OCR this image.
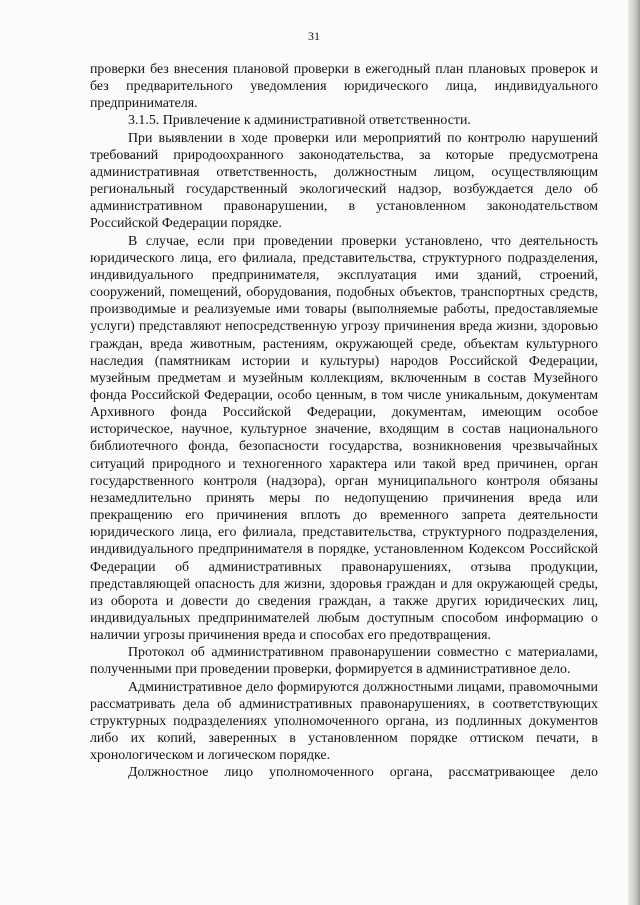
31

проверки без внесения плановой проверки в ежегодный план плановых проверок и без предварительного уведомления юридического лица, индивидуального предпринимателя.

3.1.5. Привлечение к административной ответственности.

При выявлении в ходе проверки или мероприятий по контролю нарушений требований природоохранного законодательства, за которые предусмотрена административная ответственность, должностным лицом, осуществляющим региональный государственный экологический надзор, возбуждается дело об административном правонарушении, в установленном законодательством Российской Федерации порядке.

В случае, если при проведении проверки установлено, что деятельность юридического лица, его филиала, представительства, структурного подразделения, индивидуального предпринимателя, эксплуатация ими зданий, строений, сооружений, помещений, оборудования, подобных объектов, транспортных средств, производимые и реализуемые ими товары (выполняемые работы, предоставляемые услуги) представляют непосредственную угрозу причинения вреда жизни, здоровью граждан, вреда животным, растениям, окружающей среде, объектам культурного наследия (памятникам истории и культуры) народов Российской Федерации, музейным предметам и музейным коллекциям, включенным в состав Музейного фонда Российской Федерации, особо ценным, в том числе уникальным, документам Архивного фонда Российской Федерации, документам, имеющим особое историческое, научное, культурное значение, входящим в состав национального библиотечного фонда, безопасности государства, возникновения чрезвычайных ситуаций природного и техногенного характера или такой вред причинен, орган государственного контроля (надзора), орган муниципального контроля обязаны незамедлительно принять меры по недопущению причинения вреда или прекращению его причинения вплоть до временного запрета деятельности юридического лица, его филиала, представительства, структурного подразделения, индивидуального предпринимателя в порядке, установленном Кодексом Российской Федерации об административных правонарушениях, отзыва продукции, представляющей опасность для жизни, здоровья граждан и для окружающей среды, из оборота и довести до сведения граждан, а также других юридических лиц, индивидуальных предпринимателей любым доступным способом информацию о наличии угрозы причинения вреда и способах его предотвращения.

Протокол об административном правонарушении совместно с материалами, полученными при проведении проверки, формируется в административное дело.

Административное дело формируются должностными лицами, правомочными рассматривать дела об административных правонарушениях, в соответствующих структурных подразделениях уполномоченного органа, из подлинных документов либо их копий, заверенных в установленном порядке оттиском печати, в хронологическом и логическом порядке.

Должностное лицо уполномоченного органа, рассматривающее дело
